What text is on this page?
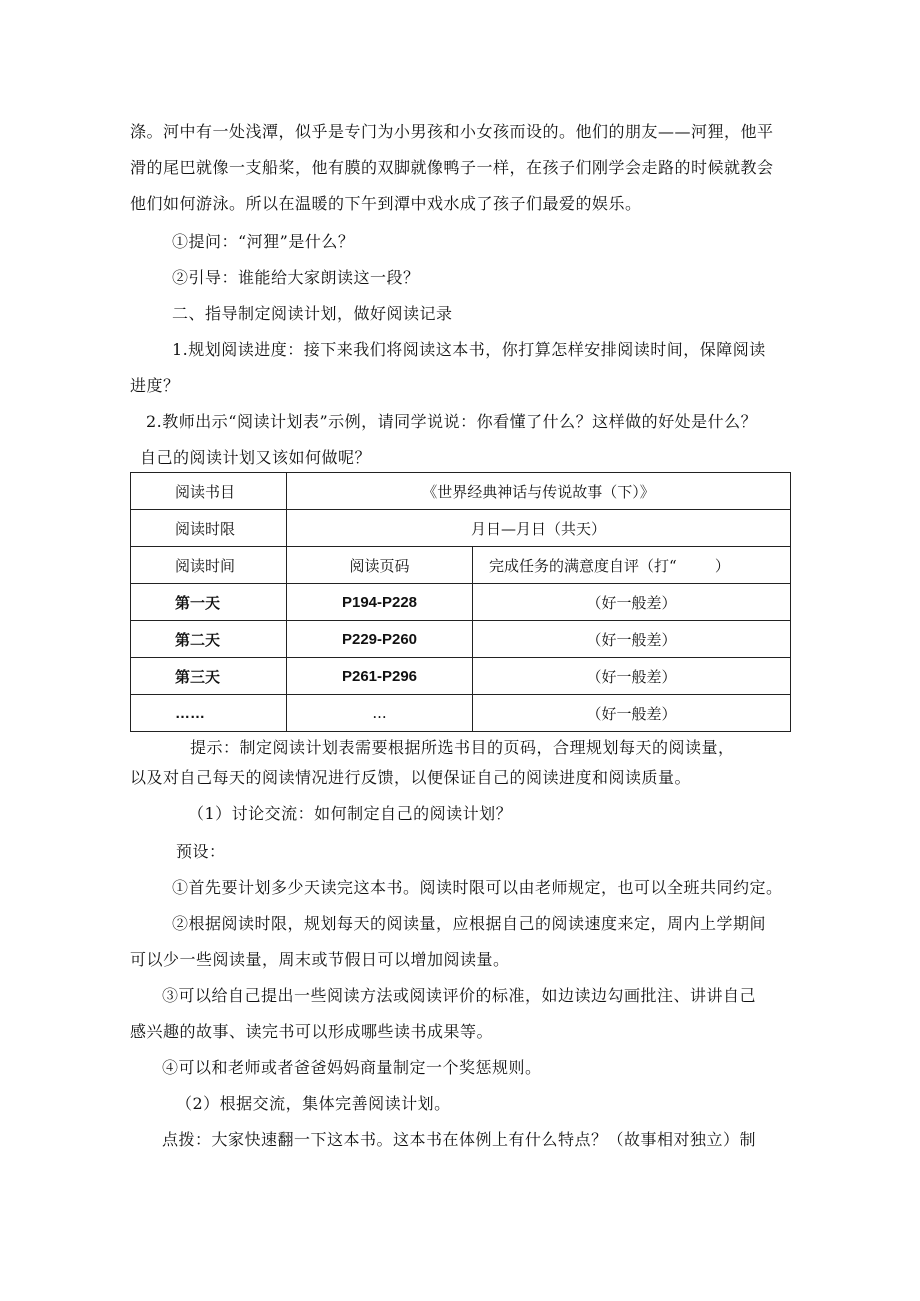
涤。河中有一处浅潭，似乎是专门为小男孩和小女孩而设的。他们的朋友——河狸，他平
滑的尾巴就像一支船桨，他有膜的双脚就像鸭子一样，在孩子们刚学会走路的时候就教会
他们如何游泳。所以在温暖的下午到潭中戏水成了孩子们最爱的娱乐。
①提问：“河狸”是什么？
②引导：谁能给大家朗读这一段？
二、指导制定阅读计划，做好阅读记录
1.规划阅读进度：接下来我们将阅读这本书，你打算怎样安排阅读时间，保障阅读
进度？
2.教师出示“阅读计划表”示例，请同学说说：你看懂了什么？这样做的好处是什么？
自己的阅读计划又该如何做呢？
阅读书目	《世界经典神话与传说故事（下）》	
阅读时限	月日—月日（共天）	
阅读时间	阅读页码	完成任务的满意度自评（打“        ）
第一天	P194-P228	（好一般差）
第二天	P229-P260	（好一般差）
第三天	P261-P296	（好一般差）
……	...	（好一般差）
提示：制定阅读计划表需要根据所选书目的页码，合理规划每天的阅读量，
以及对自己每天的阅读情况进行反馈，以便保证自己的阅读进度和阅读质量。
（1）讨论交流：如何制定自己的阅读计划？
预设：
①首先要计划多少天读完这本书。阅读时限可以由老师规定，也可以全班共同约定。
②根据阅读时限，规划每天的阅读量，应根据自己的阅读速度来定，周内上学期间
可以少一些阅读量，周末或节假日可以增加阅读量。
③可以给自己提出一些阅读方法或阅读评价的标准，如边读边勾画批注、讲讲自己
感兴趣的故事、读完书可以形成哪些读书成果等。
④可以和老师或者爸爸妈妈商量制定一个奖惩规则。
（2）根据交流，集体完善阅读计划。
点拨：大家快速翻一下这本书。这本书在体例上有什么特点？（故事相对独立）制
